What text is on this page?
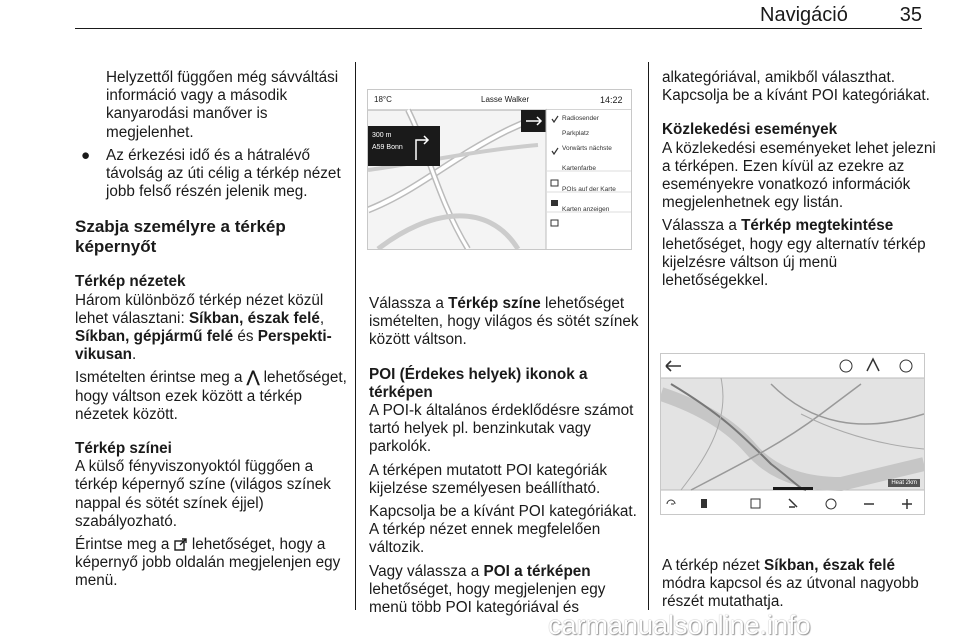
Navigáció	35

Helyzettől függően még sávváltási információ vagy a második kanyarodási manőver is megjelenhet.

● Az érkezési idő és a hátralévő távolság az úti célig a térkép nézet jobb felső részén jelenik meg.

Szabja személyre a térkép képernyőt

Térkép nézetek

Három különböző térkép nézet közül lehet választani: Síkban, észak felé, Síkban, gépjármű felé és Perspektivikusan.

Ismételten érintse meg a ⋀ lehetőséget, hogy váltson ezek között a térkép nézetek között.

Térkép színei

A külső fényviszonyoktól függően a térkép képernyő színe (világos színek nappal és sötét színek éjjel) szabályozható.

Érintse meg a lehetőséget, hogy a képernyő jobb oldalán megjelenjen egy menü.

18°C	Lasse Walker	14:22
300 m
A59 Bonn
Radiosender
Parkplatz
Vorwärts nächste
Kartenfarbe
POIs auf der Karte
Karten anzeigen

Válassza a Térkép színe lehetőséget ismételten, hogy világos és sötét színek között váltson.

POI (Érdekes helyek) ikonok a térképen

A POI-k általános érdeklődésre számot tartó helyek pl. benzinkutak vagy parkolók.

A térképen mutatott POI kategóriák kijelzése személyesen beállítható.

Kapcsolja be a kívánt POI kategóriákat. A térkép nézet ennek megfelelően változik.

Vagy válassza a POI a térképen lehetőséget, hogy megjelenjen egy menü több POI kategóriával és

alkategóriával, amikből választhat. Kapcsolja be a kívánt POI kategóriákat.

Közlekedési események

A közlekedési eseményeket lehet jelezni a térképen. Ezen kívül az ezekre az eseményekre vonatkozó információk megjelenhetnek egy listán.

Válassza a Térkép megtekintése lehetőséget, hogy egy alternatív térkép kijelzésre váltson új menü lehetőségekkel.

Heat 2km

A térkép nézet Síkban, észak felé módra kapcsol és az útvonal nagyobb részét mutathatja.

carmanualsonline.info
